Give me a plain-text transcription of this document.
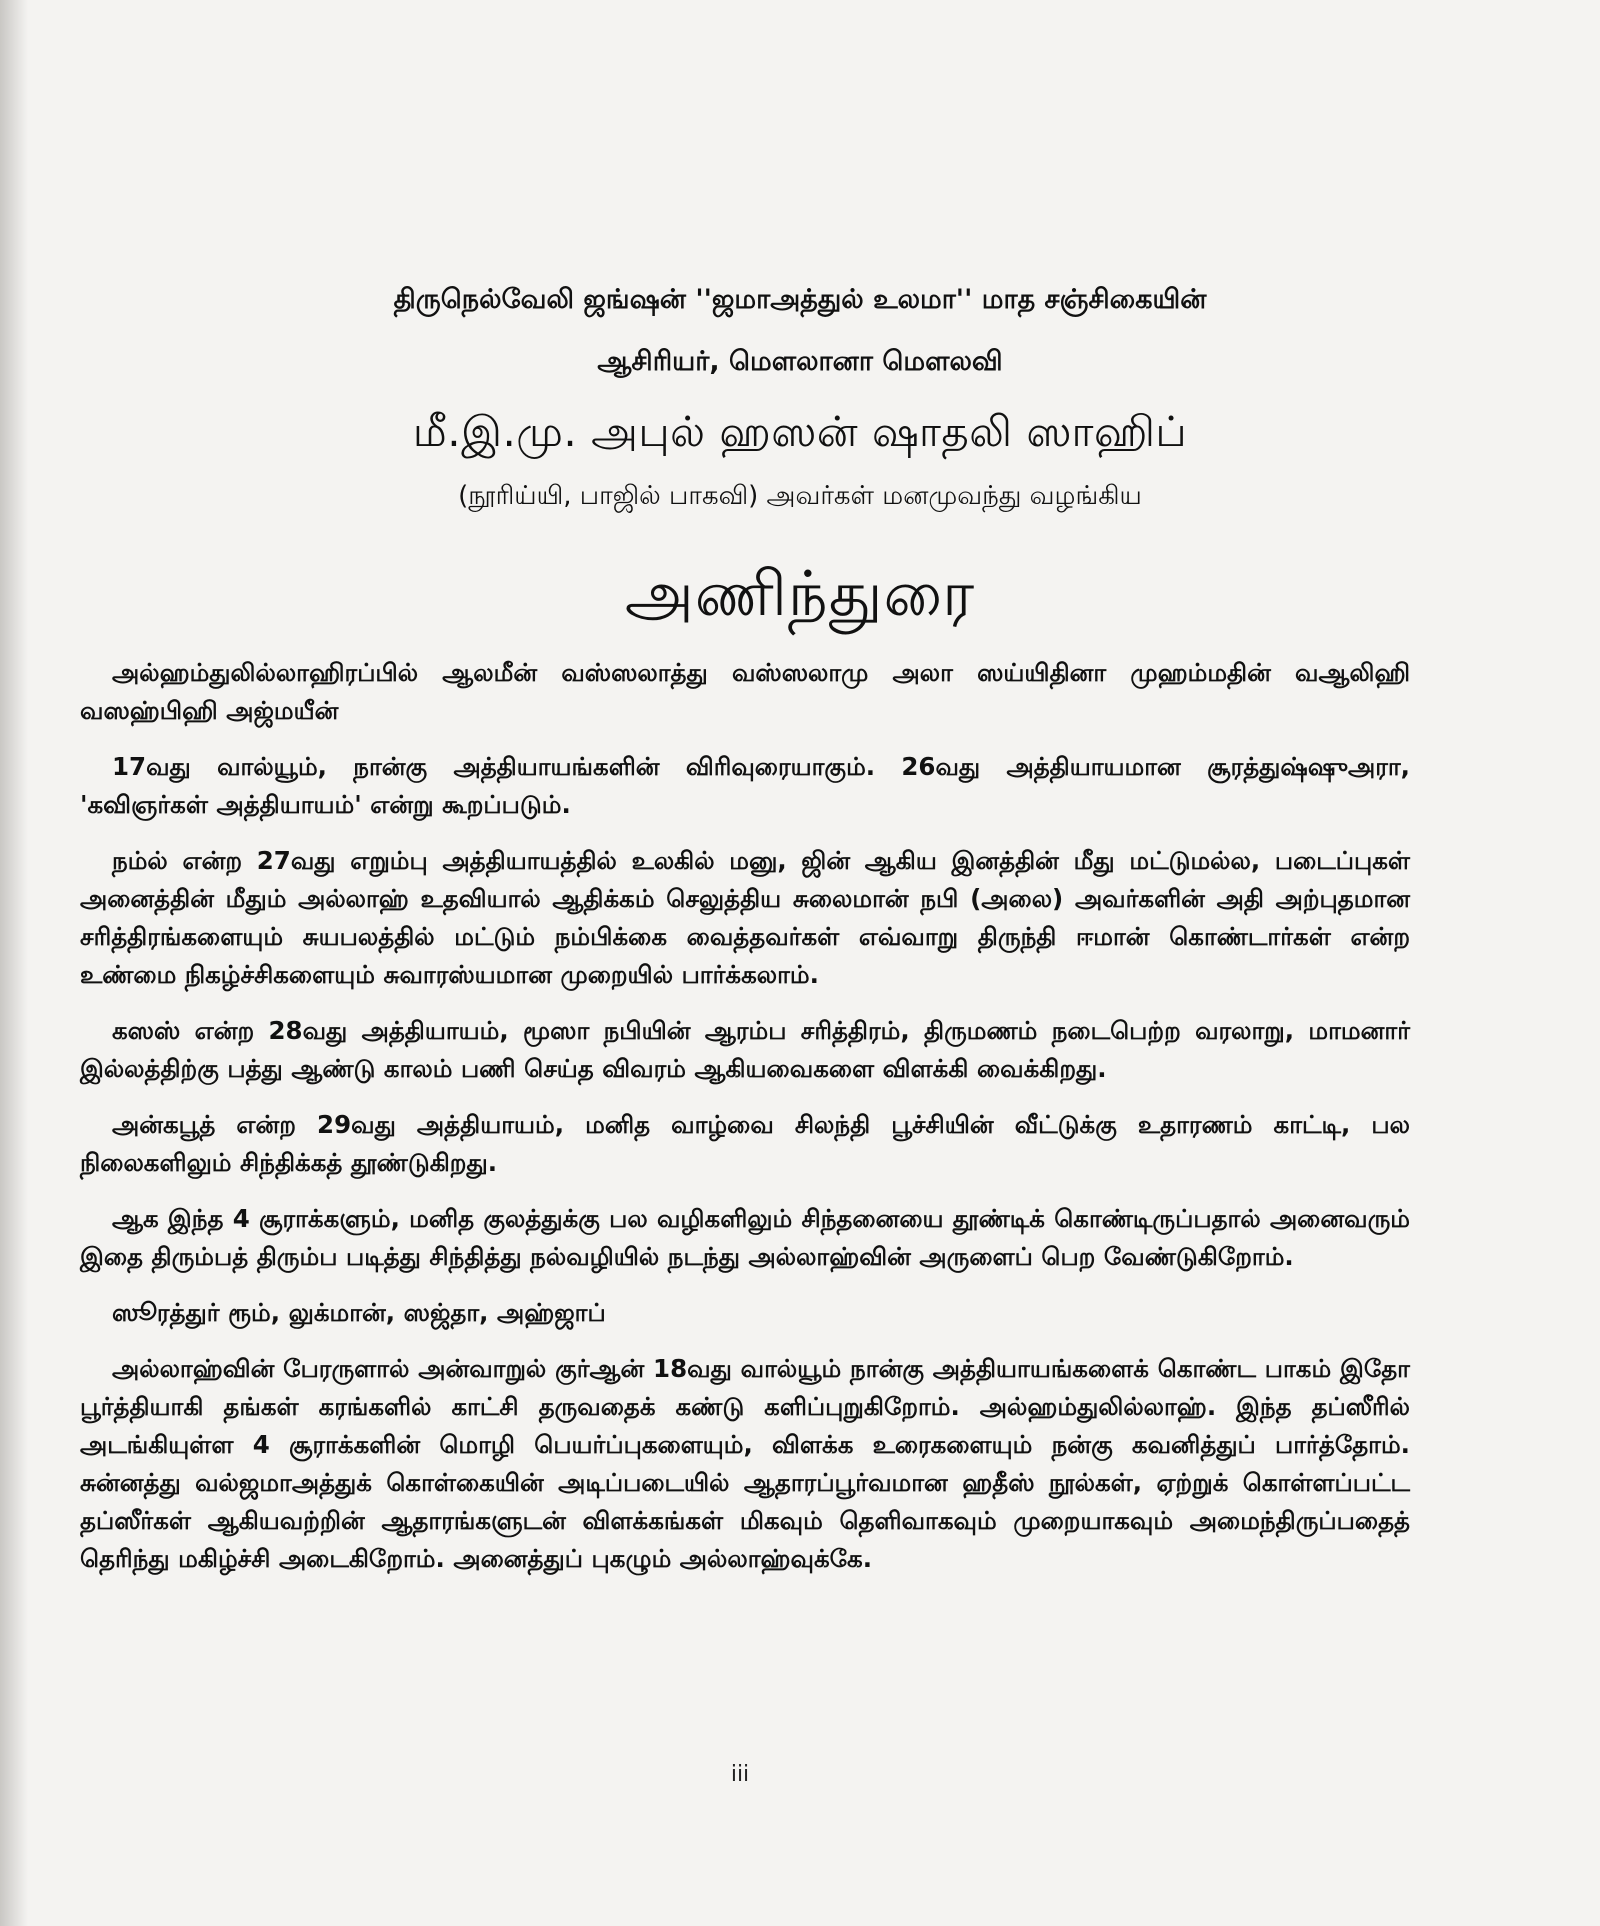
திருநெல்வேலி ஜங்ஷன் ''ஜமாஅத்துல் உலமா'' மாத சஞ்சிகையின்

ஆசிரியர், மௌலானா மௌலவி

மீ.இ.மு. அபுல் ஹஸன் ஷாதலி ஸாஹிப்

(நூரிய்யி, பாஜில் பாகவி) அவர்கள் மனமுவந்து வழங்கிய

அணிந்துரை

அல்ஹம்துலில்லாஹிரப்பில் ஆலமீன் வஸ்ஸலாத்து வஸ்ஸலாமு அலா ஸய்யிதினா முஹம்மதின் வஆலிஹி வஸஹ்பிஹி அஜ்மயீன்

17வது வால்யூம், நான்கு அத்தியாயங்களின் விரிவுரையாகும். 26வது அத்தியாயமான சூரத்துஷ்ஷுஅரா, 'கவிஞர்கள் அத்தியாயம்' என்று கூறப்படும்.

நம்ல் என்ற 27வது எறும்பு அத்தியாயத்தில் உலகில் மனு, ஜின் ஆகிய இனத்தின் மீது மட்டுமல்ல, படைப்புகள் அனைத்தின் மீதும் அல்லாஹ் உதவியால் ஆதிக்கம் செலுத்திய சுலைமான் நபி (அலை) அவர்களின் அதி அற்புதமான சரித்திரங்களையும் சுயபலத்தில் மட்டும் நம்பிக்கை வைத்தவர்கள் எவ்வாறு திருந்தி ஈமான் கொண்டார்கள் என்ற உண்மை நிகழ்ச்சிகளையும் சுவாரஸ்யமான முறையில் பார்க்கலாம்.

கஸஸ் என்ற 28வது அத்தியாயம், மூஸா நபியின் ஆரம்ப சரித்திரம், திருமணம் நடைபெற்ற வரலாறு, மாமனார் இல்லத்திற்கு பத்து ஆண்டு காலம் பணி செய்த விவரம் ஆகியவைகளை விளக்கி வைக்கிறது.

அன்கபூத் என்ற 29வது அத்தியாயம், மனித வாழ்வை சிலந்தி பூச்சியின் வீட்டுக்கு உதாரணம் காட்டி, பல நிலைகளிலும் சிந்திக்கத் தூண்டுகிறது.

ஆக இந்த 4 சூராக்களும், மனித குலத்துக்கு பல வழிகளிலும் சிந்தனையை தூண்டிக் கொண்டிருப்பதால் அனைவரும் இதை திரும்பத் திரும்ப படித்து சிந்தித்து நல்வழியில் நடந்து அல்லாஹ்வின் அருளைப் பெற வேண்டுகிறோம்.

ஸூரத்துர் ரூம், லுக்மான், ஸஜ்தா, அஹ்ஜாப்

அல்லாஹ்வின் பேரருளால் அன்வாறுல் குர்ஆன் 18வது வால்யூம் நான்கு அத்தியாயங்களைக் கொண்ட பாகம் இதோ பூர்த்தியாகி தங்கள் கரங்களில் காட்சி தருவதைக் கண்டு களிப்புறுகிறோம். அல்ஹம்துலில்லாஹ். இந்த தப்ஸீரில் அடங்கியுள்ள 4 சூராக்களின் மொழி பெயர்ப்புகளையும், விளக்க உரைகளையும் நன்கு கவனித்துப் பார்த்தோம். சுன்னத்து வல்ஜமாஅத்துக் கொள்கையின் அடிப்படையில் ஆதாரப்பூர்வமான ஹதீஸ் நூல்கள், ஏற்றுக் கொள்ளப்பட்ட தப்ஸீர்கள் ஆகியவற்றின் ஆதாரங்களுடன் விளக்கங்கள் மிகவும் தெளிவாகவும் முறையாகவும் அமைந்திருப்பதைத் தெரிந்து மகிழ்ச்சி அடைகிறோம். அனைத்துப் புகழும் அல்லாஹ்வுக்கே.

iii
